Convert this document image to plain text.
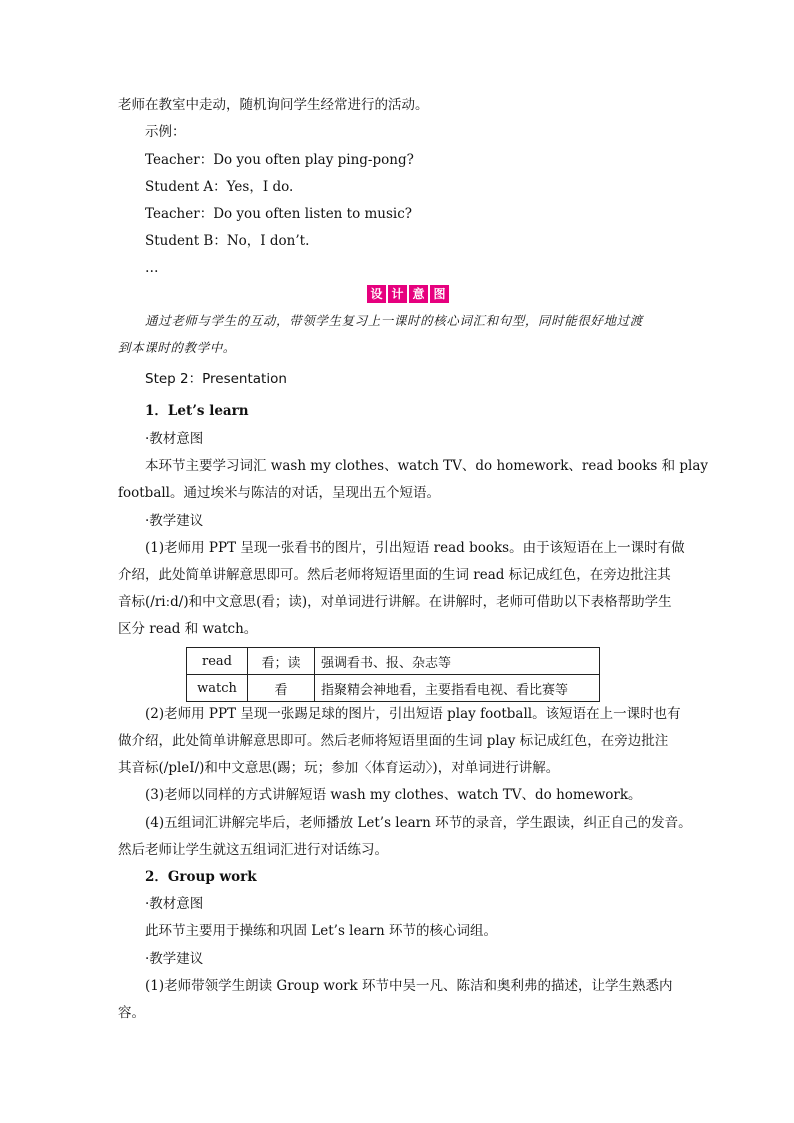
老师在教室中走动，随机询问学生经常进行的活动。
示例：
Teacher：Do you often play ping-pong?
Student A：Yes，I do.
Teacher：Do you often listen to music?
Student B：No，I don’t.
…
设 计 意 图
通过老师与学生的互动，带领学生复习上一课时的核心词汇和句型，同时能很好地过渡
到本课时的教学中。
Step 2：Presentation
1．Let’s learn
·教材意图
本环节主要学习词汇 wash my clothes、watch TV、do homework、read books 和 play
football。通过埃米与陈洁的对话，呈现出五个短语。
·教学建议
(1)老师用 PPT 呈现一张看书的图片，引出短语 read books。由于该短语在上一课时有做
介绍，此处简单讲解意思即可。然后老师将短语里面的生词 read 标记成红色，在旁边批注其
音标(/riːd/)和中文意思(看；读)，对单词进行讲解。在讲解时，老师可借助以下表格帮助学生
区分 read 和 watch。
read	看；读	强调看书、报、杂志等
watch	看	指聚精会神地看，主要指看电视、看比赛等
(2)老师用 PPT 呈现一张踢足球的图片，引出短语 play football。该短语在上一课时也有
做介绍，此处简单讲解意思即可。然后老师将短语里面的生词 play 标记成红色，在旁边批注
其音标(/pleI/)和中文意思(踢；玩；参加〈体育运动〉)，对单词进行讲解。
(3)老师以同样的方式讲解短语 wash my clothes、watch TV、do homework。
(4)五组词汇讲解完毕后，老师播放 Let’s learn 环节的录音，学生跟读，纠正自己的发音。
然后老师让学生就这五组词汇进行对话练习。
2．Group work
·教材意图
此环节主要用于操练和巩固 Let’s learn 环节的核心词组。
·教学建议
(1)老师带领学生朗读 Group work 环节中吴一凡、陈洁和奥利弗的描述，让学生熟悉内
容。
